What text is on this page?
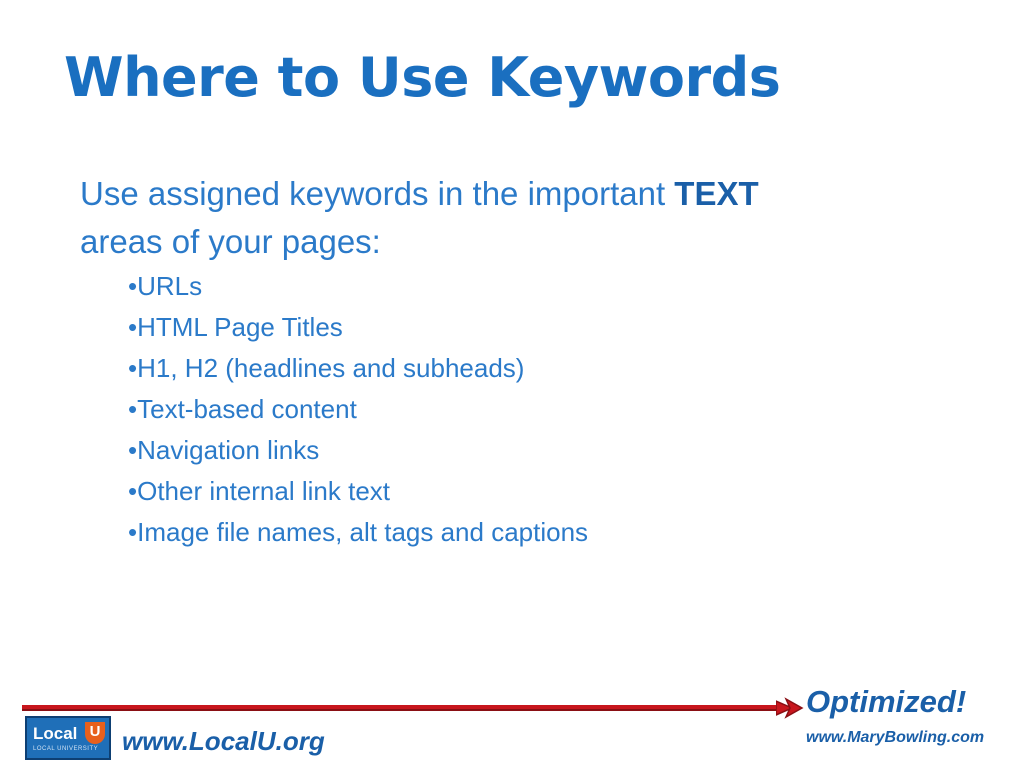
Where to Use Keywords
Use assigned keywords in the important TEXT
areas of your pages:
•URLs
•HTML Page Titles
•H1, H2 (headlines and subheads)
•Text-based content
•Navigation links
•Other internal link text
•Image file names, alt tags and captions
Local U
LOCAL UNIVERSITY www.LocalU.org
Optimized!
www.MaryBowling.com
